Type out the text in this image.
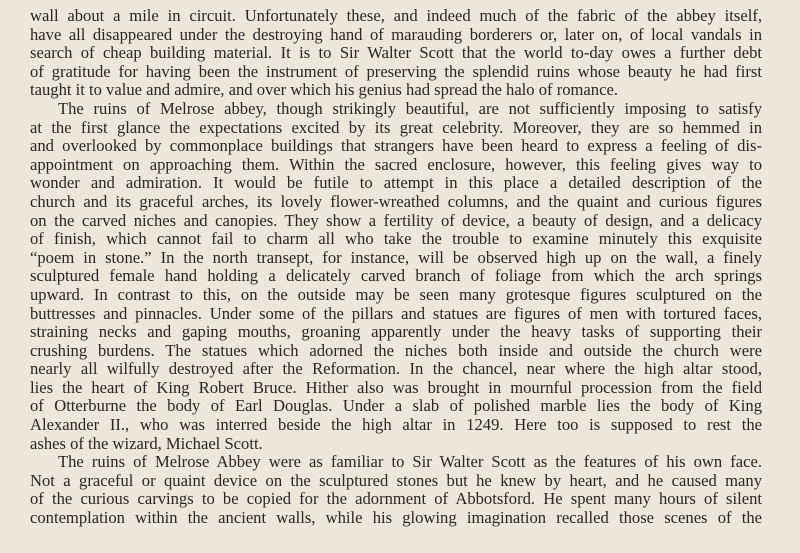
wall about a mile in circuit. Unfortunately these, and indeed much of the fabric of the abbey itself,
have all disappeared under the destroying hand of marauding borderers or, later on, of local vandals in
search of cheap building material. It is to Sir Walter Scott that the world to-day owes a further debt
of gratitude for having been the instrument of preserving the splendid ruins whose beauty he had first
taught it to value and admire, and over which his genius had spread the halo of romance.
The ruins of Melrose abbey, though strikingly beautiful, are not sufficiently imposing to satisfy
at the first glance the expectations excited by its great celebrity. Moreover, they are so hemmed in
and overlooked by commonplace buildings that strangers have been heard to express a feeling of dis-
appointment on approaching them. Within the sacred enclosure, however, this feeling gives way to
wonder and admiration. It would be futile to attempt in this place a detailed description of the
church and its graceful arches, its lovely flower-wreathed columns, and the quaint and curious figures
on the carved niches and canopies. They show a fertility of device, a beauty of design, and a delicacy
of finish, which cannot fail to charm all who take the trouble to examine minutely this exquisite
“poem in stone.” In the north transept, for instance, will be observed high up on the wall, a finely
sculptured female hand holding a delicately carved branch of foliage from which the arch springs
upward. In contrast to this, on the outside may be seen many grotesque figures sculptured on the
buttresses and pinnacles. Under some of the pillars and statues are figures of men with tortured faces,
straining necks and gaping mouths, groaning apparently under the heavy tasks of supporting their
crushing burdens. The statues which adorned the niches both inside and outside the church were
nearly all wilfully destroyed after the Reformation. In the chancel, near where the high altar stood,
lies the heart of King Robert Bruce. Hither also was brought in mournful procession from the field
of Otterburne the body of Earl Douglas. Under a slab of polished marble lies the body of King
Alexander II., who was interred beside the high altar in 1249. Here too is supposed to rest the
ashes of the wizard, Michael Scott.
The ruins of Melrose Abbey were as familiar to Sir Walter Scott as the features of his own face.
Not a graceful or quaint device on the sculptured stones but he knew by heart, and he caused many
of the curious carvings to be copied for the adornment of Abbotsford. He spent many hours of silent
contemplation within the ancient walls, while his glowing imagination recalled those scenes of the
